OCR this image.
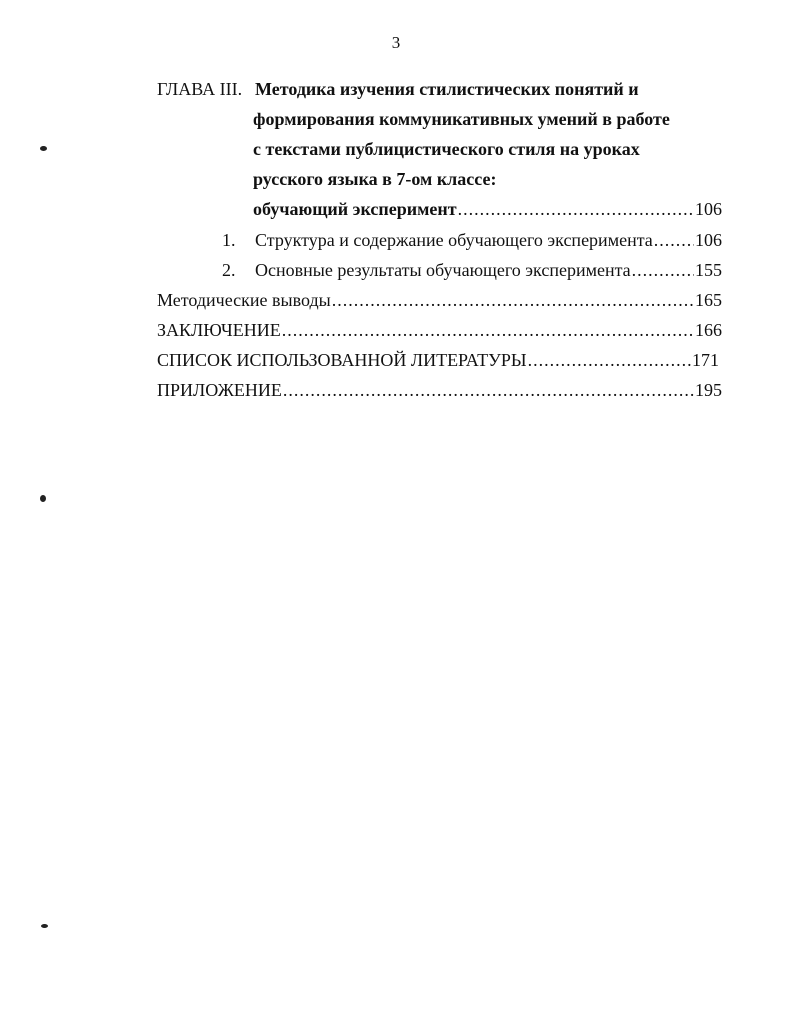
3
ГЛАВА III. Методика изучения стилистических понятий и
формирования коммуникативных умений в работе
с текстами публицистического стиля на уроках
русского языка в 7-ом классе:
обучающий эксперимент .....	106
1.	Структура и содержание обучающего эксперимента ..... 106
2.	Основные результаты обучающего эксперимента .....	155
Методические выводы .....	165
ЗАКЛЮЧЕНИЕ .....	166
СПИСОК ИСПОЛЬЗОВАННОЙ ЛИТЕРАТУРЫ .....	171
ПРИЛОЖЕНИЕ .....	195
